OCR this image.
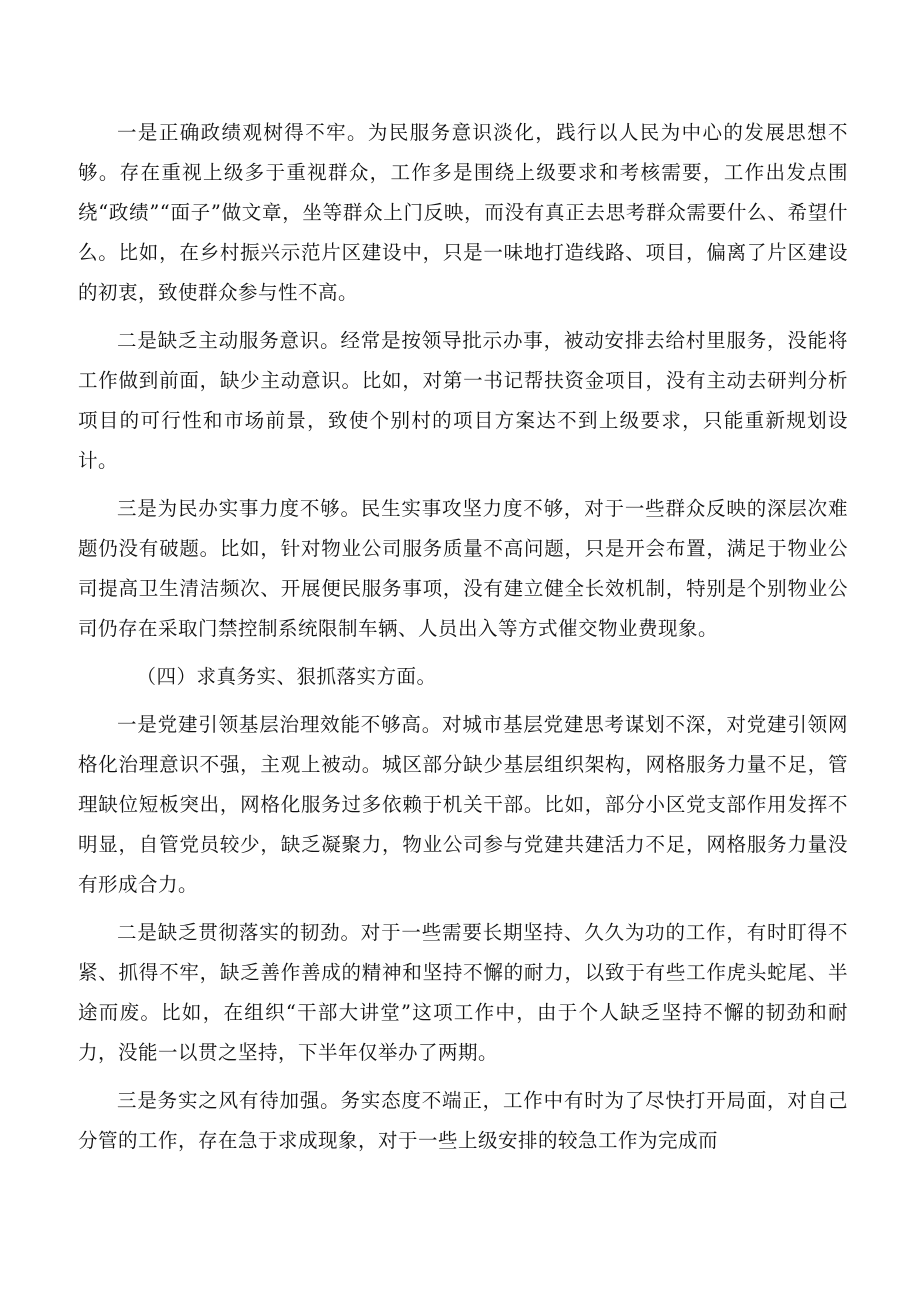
一是正确政绩观树得不牢。为民服务意识淡化，践行以人民为中心的发展思想不够。存在重视上级多于重视群众，工作多是围绕上级要求和考核需要，工作出发点围绕“政绩”“面子”做文章，坐等群众上门反映，而没有真正去思考群众需要什么、希望什么。比如，在乡村振兴示范片区建设中，只是一味地打造线路、项目，偏离了片区建设的初衷，致使群众参与性不高。

二是缺乏主动服务意识。经常是按领导批示办事，被动安排去给村里服务，没能将工作做到前面，缺少主动意识。比如，对第一书记帮扶资金项目，没有主动去研判分析项目的可行性和市场前景，致使个别村的项目方案达不到上级要求，只能重新规划设计。

三是为民办实事力度不够。民生实事攻坚力度不够，对于一些群众反映的深层次难题仍没有破题。比如，针对物业公司服务质量不高问题，只是开会布置，满足于物业公司提高卫生清洁频次、开展便民服务事项，没有建立健全长效机制，特别是个别物业公司仍存在采取门禁控制系统限制车辆、人员出入等方式催交物业费现象。

（四）求真务实、狠抓落实方面。

一是党建引领基层治理效能不够高。对城市基层党建思考谋划不深，对党建引领网格化治理意识不强，主观上被动。城区部分缺少基层组织架构，网格服务力量不足，管理缺位短板突出，网格化服务过多依赖于机关干部。比如，部分小区党支部作用发挥不明显，自管党员较少，缺乏凝聚力，物业公司参与党建共建活力不足，网格服务力量没有形成合力。

二是缺乏贯彻落实的韧劲。对于一些需要长期坚持、久久为功的工作，有时盯得不紧、抓得不牢，缺乏善作善成的精神和坚持不懈的耐力，以致于有些工作虎头蛇尾、半途而废。比如，在组织“干部大讲堂”这项工作中，由于个人缺乏坚持不懈的韧劲和耐力，没能一以贯之坚持，下半年仅举办了两期。

三是务实之风有待加强。务实态度不端正，工作中有时为了尽快打开局面，对自己分管的工作，存在急于求成现象，对于一些上级安排的较急工作为完成而
